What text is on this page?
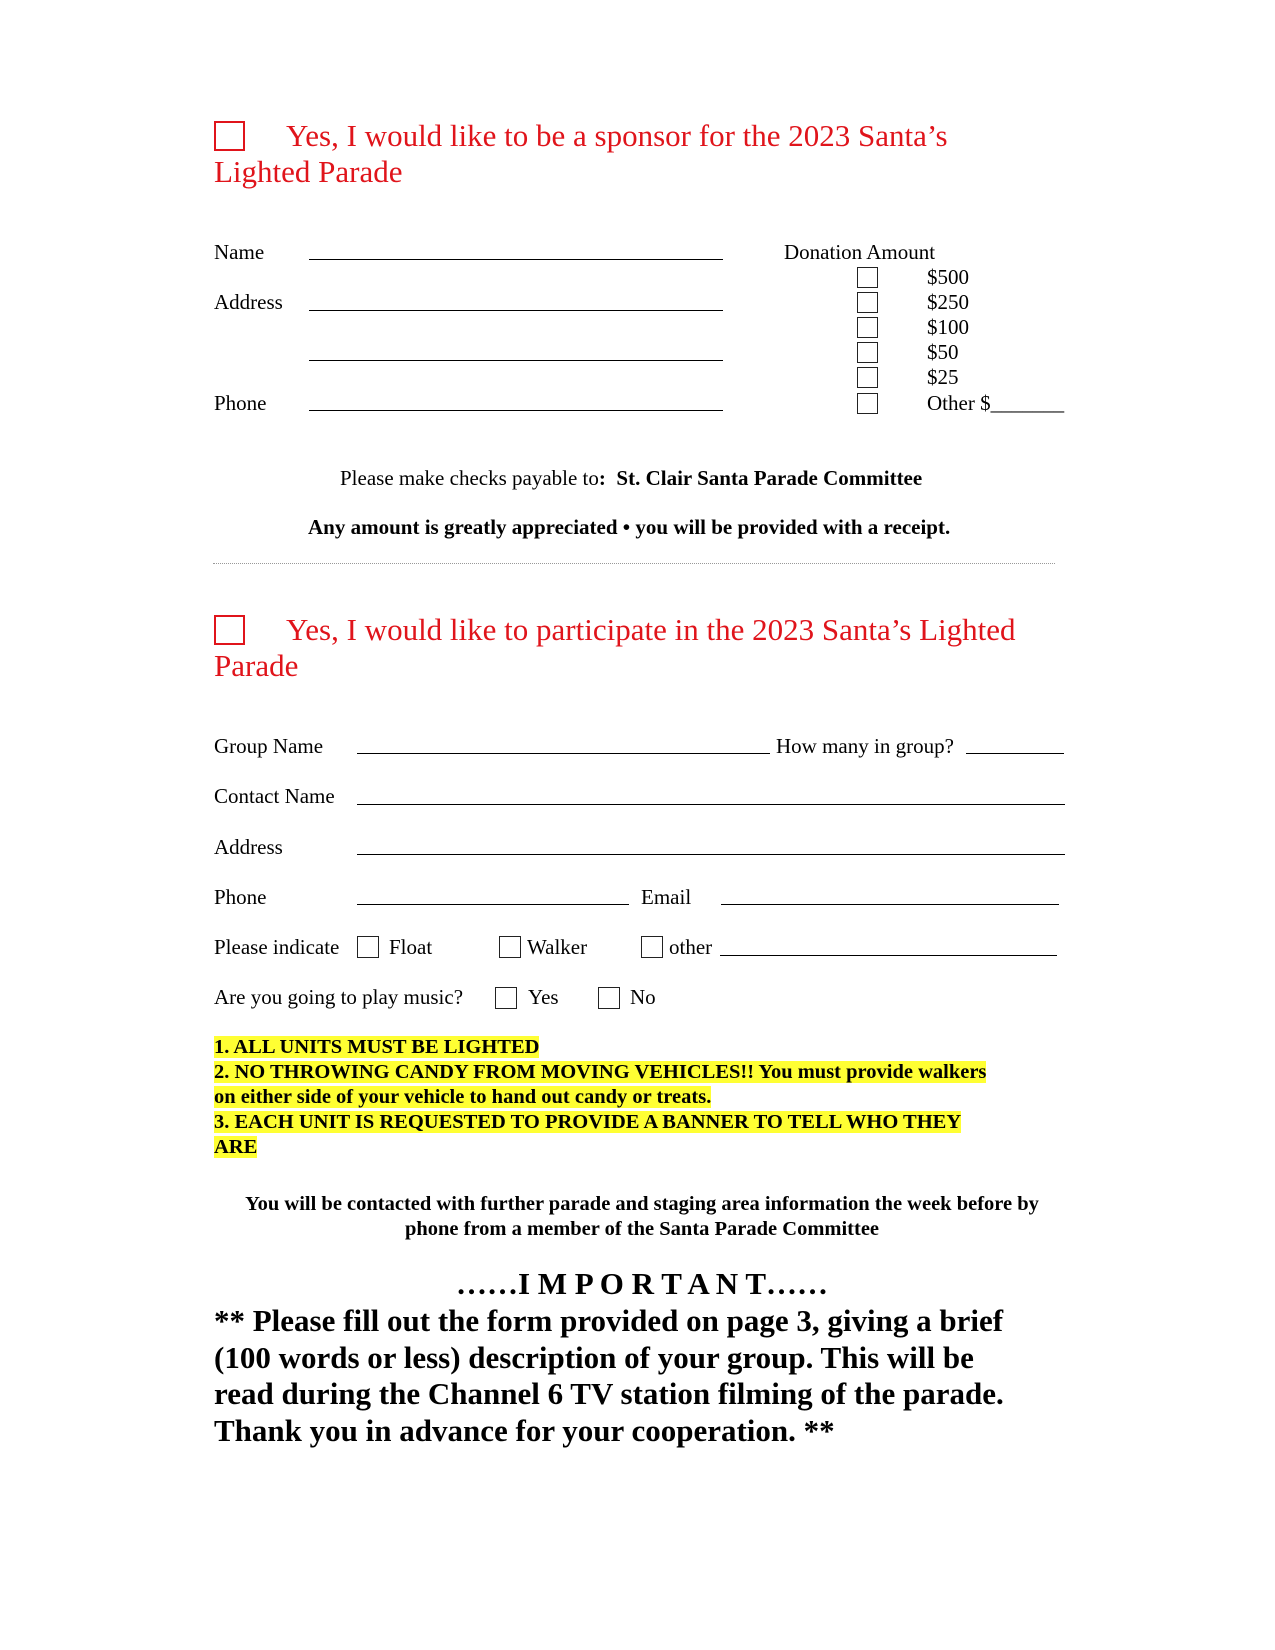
Yes, I would like to be a sponsor for the 2023 Santa’s
Lighted Parade
Name
Address
Phone
Donation Amount
$500
$250
$100
$50
$25
Other $_______
Please make checks payable to: St. Clair Santa Parade Committee
Any amount is greatly appreciated • you will be provided with a receipt.
Yes, I would like to participate in the 2023 Santa’s Lighted
Parade
Group Name	How many in group?
Contact Name
Address
Phone	Email
Please indicate Float	Walker	other
Are you going to play music?	Yes	No
1. ALL UNITS MUST BE LIGHTED
2. NO THROWING CANDY FROM MOVING VEHICLES!! You must provide walkers
on either side of your vehicle to hand out candy or treats.
3. EACH UNIT IS REQUESTED TO PROVIDE A BANNER TO TELL WHO THEY
ARE
You will be contacted with further parade and staging area information the week before by
phone from a member of the Santa Parade Committee
……I M P O R T A N T……
** Please fill out the form provided on page 3, giving a brief
(100 words or less) description of your group. This will be
read during the Channel 6 TV station filming of the parade.
Thank you in advance for your cooperation. **
